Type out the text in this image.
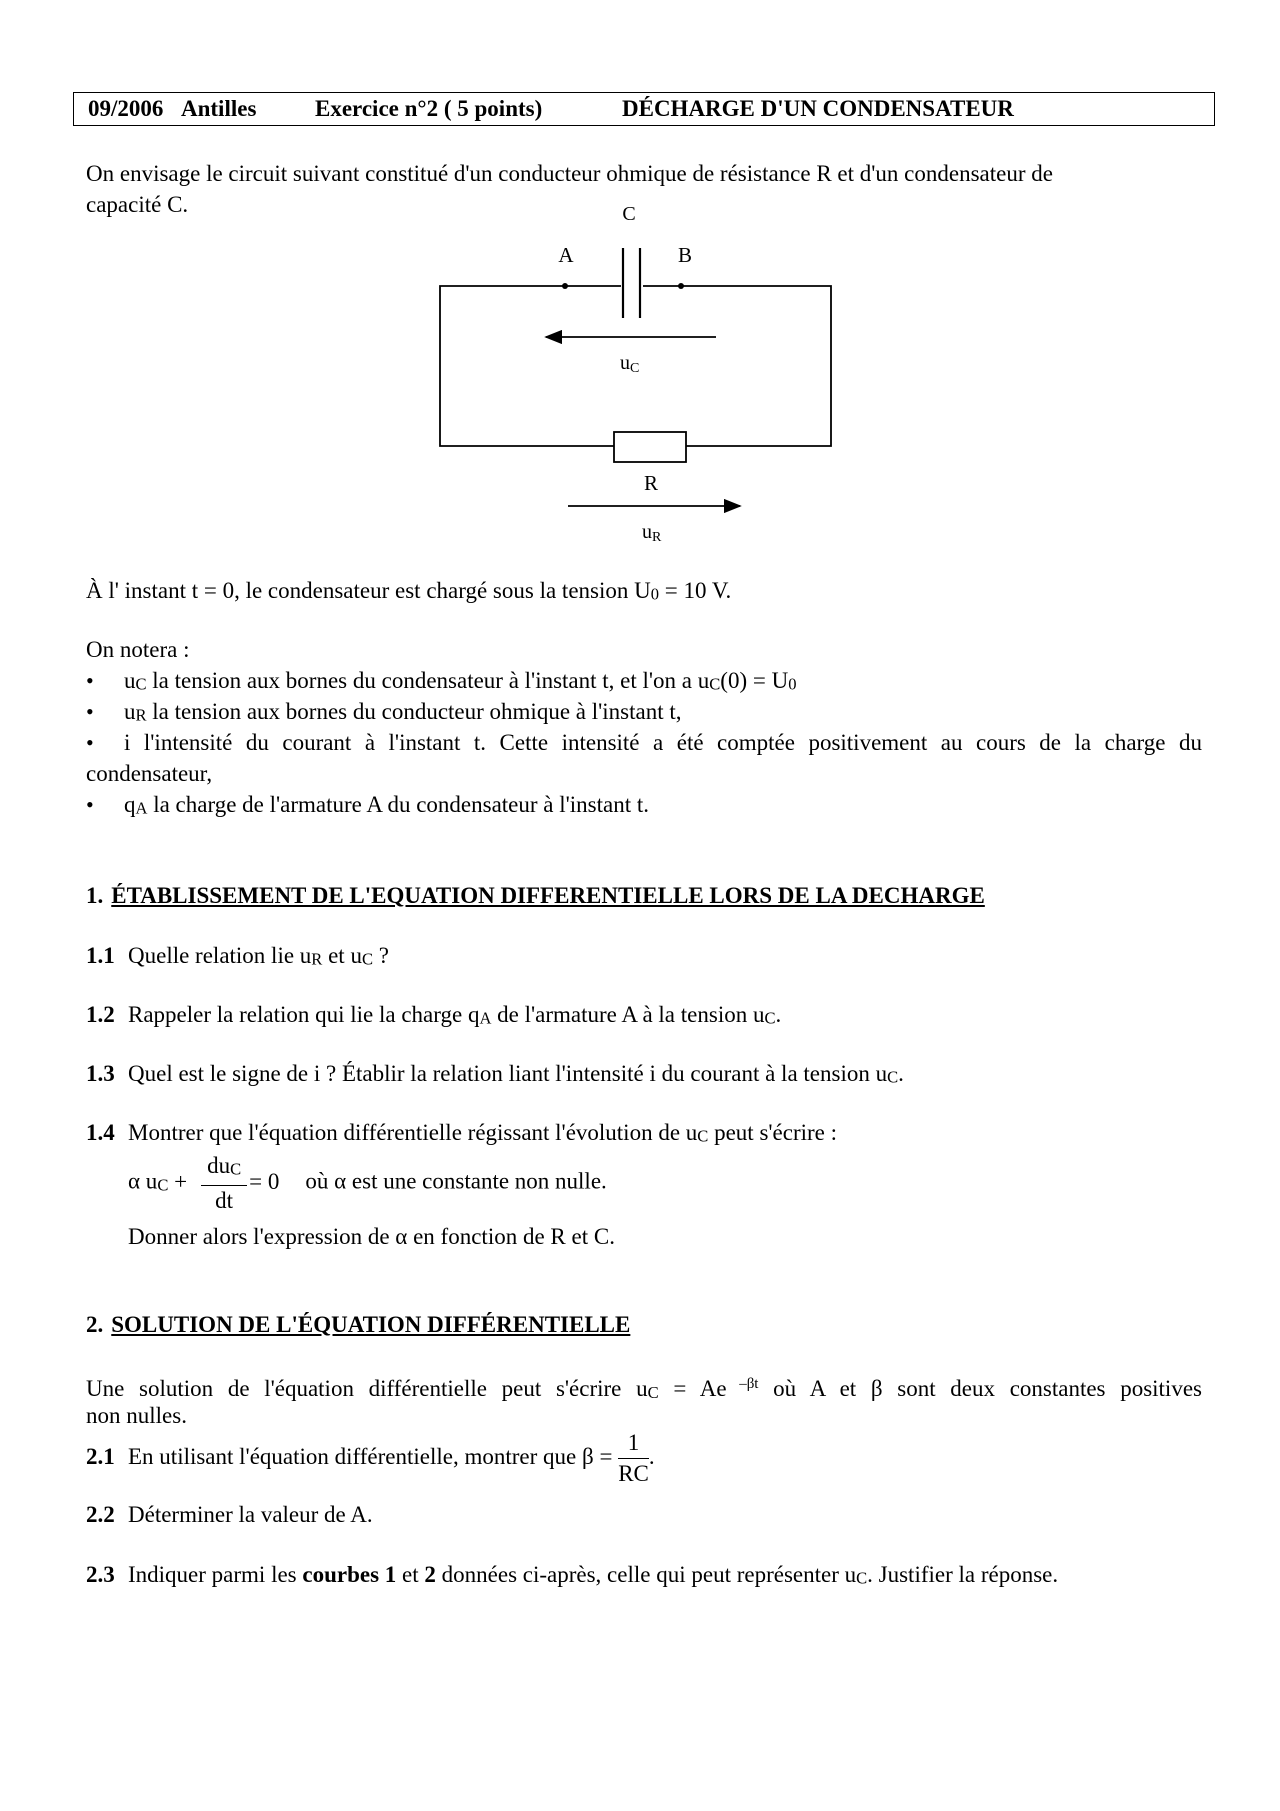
09/2006 Antilles	Exercice n°2 ( 5 points)	DÉCHARGE D'UN CONDENSATEUR
On envisage le circuit suivant constitué d'un conducteur ohmique de résistance R et d'un condensateur de
capacité C.	C
A	B
uC
R
uR
À l' instant t = 0, le condensateur est chargé sous la tension U0 = 10 V.
On notera :
• uC la tension aux bornes du condensateur à l'instant t, et l'on a uC(0) = U0
• uR la tension aux bornes du conducteur ohmique à l'instant t,
• i l'intensité du courant à l'instant t. Cette intensité a été comptée positivement au cours de la charge du
condensateur,
• qA la charge de l'armature A du condensateur à l'instant t.
1. ÉTABLISSEMENT DE L'EQUATION DIFFERENTIELLE LORS DE LA DECHARGE
1.1 Quelle relation lie uR et uC ?
1.2 Rappeler la relation qui lie la charge qA de l'armature A à la tension uC.
1.3 Quel est le signe de i ? Établir la relation liant l'intensité i du courant à la tension uC.
1.4 Montrer que l'équation différentielle régissant l'évolution de uC peut s'écrire :
α uC + $\frac{\text{duC}}{dt} = 0$ où α est une constante non nulle.
Donner alors l'expression de α en fonction de R et C.
2. SOLUTION DE L'ÉQUATION DIFFÉRENTIELLE
Une solution de l'équation différentielle peut s'écrire uC = Ae $^{-\beta t}$ où A et β sont deux constantes positives
non nulles.
2.1 En utilisant l'équation différentielle, montrer que $\beta = \frac{1}{RC}$ .
2.2 Déterminer la valeur de A.
2.3 Indiquer parmi les courbes 1 et 2 données ci-après, celle qui peut représenter uC. Justifier la réponse.
